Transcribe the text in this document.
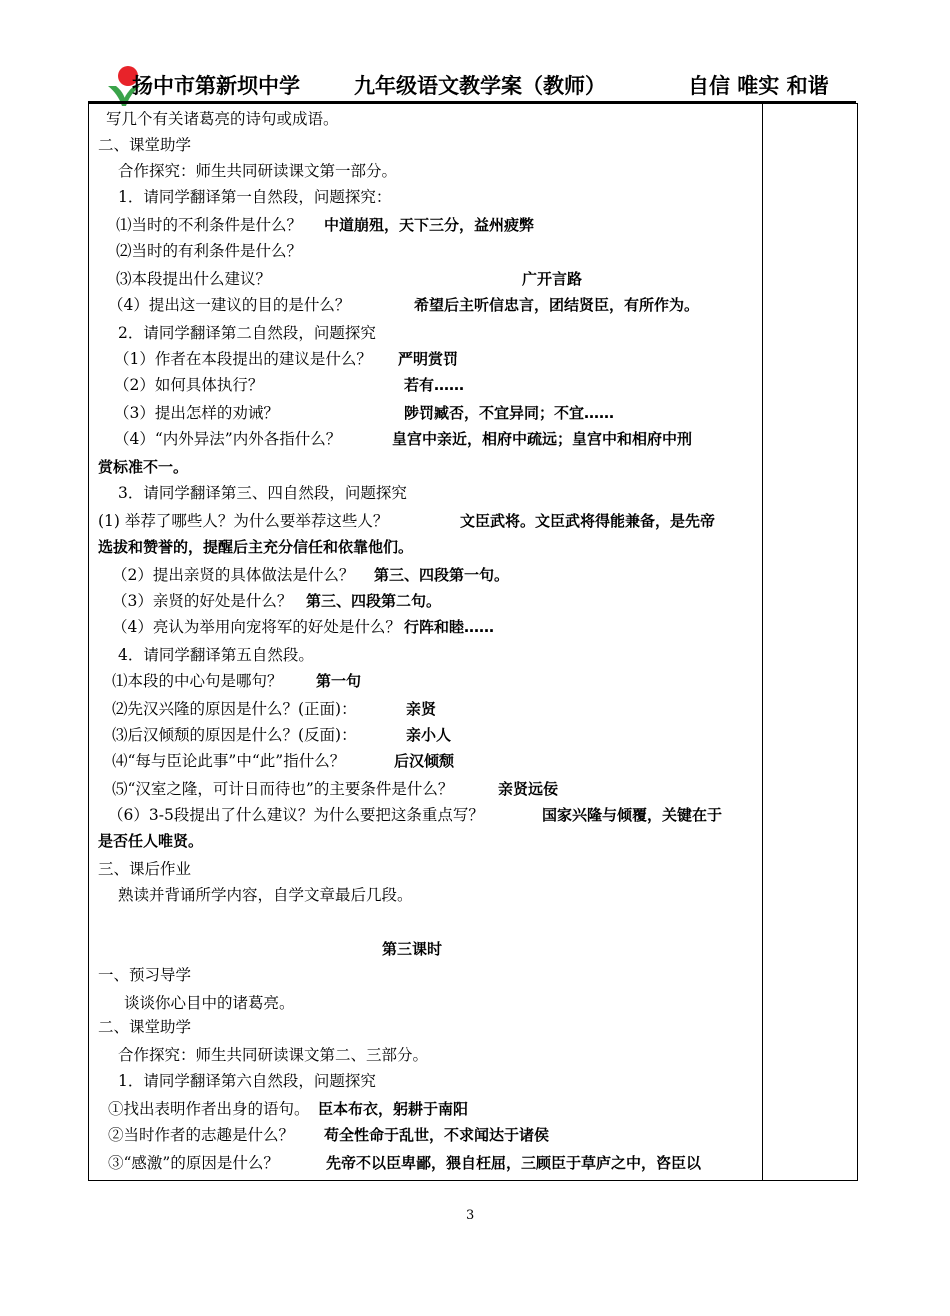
扬中市第新坝中学	九年级语文教学案（教师）	自信 唯实 和谐
写几个有关诸葛亮的诗句或成语。
二、课堂助学
合作探究：师生共同研读课文第一部分。
1．请同学翻译第一自然段，问题探究：
⑴当时的不利条件是什么？ 中道崩殂，天下三分，益州疲弊
⑵当时的有利条件是什么？
⑶本段提出什么建议？	广开言路
（4）提出这一建议的目的是什么？	希望后主听信忠言，团结贤臣，有所作为。
2．请同学翻译第二自然段，问题探究
（1）作者在本段提出的建议是什么？ 严明赏罚
（2）如何具体执行？	若有……
（3）提出怎样的劝诫？	陟罚臧否，不宜异同；不宜……
（4）“内外异法”内外各指什么？	皇宫中亲近，相府中疏远；皇宫中和相府中刑
赏标准不一。
3．请同学翻译第三、四自然段，问题探究
(1) 举荐了哪些人？为什么要举荐这些人？	文臣武将。文臣武将得能兼备，是先帝
选拔和赞誉的，提醒后主充分信任和依靠他们。
（2）提出亲贤的具体做法是什么？ 第三、四段第一句。
（3）亲贤的好处是什么？ 第三、四段第二句。
（4）亮认为举用向宠将军的好处是什么？ 行阵和睦……
4．请同学翻译第五自然段。
⑴本段的中心句是哪句？ 第一句
⑵先汉兴隆的原因是什么？(正面)：	亲贤
⑶后汉倾颓的原因是什么？(反面)：	亲小人
⑷“每与臣论此事”中“此”指什么？	后汉倾颓
⑸“汉室之隆，可计日而待也”的主要条件是什么？	亲贤远佞
（6）3-5段提出了什么建议？为什么要把这条重点写？	国家兴隆与倾覆，关键在于
是否任人唯贤。
三、课后作业
熟读并背诵所学内容，自学文章最后几段。
第三课时
一、预习导学
谈谈你心目中的诸葛亮。
二、课堂助学
合作探究：师生共同研读课文第二、三部分。
1．请同学翻译第六自然段，问题探究
①找出表明作者出身的语句。 臣本布衣，躬耕于南阳
②当时作者的志趣是什么？ 苟全性命于乱世，不求闻达于诸侯
③“感激”的原因是什么？	先帝不以臣卑鄙，猥自枉屈，三顾臣于草庐之中，咨臣以
3
